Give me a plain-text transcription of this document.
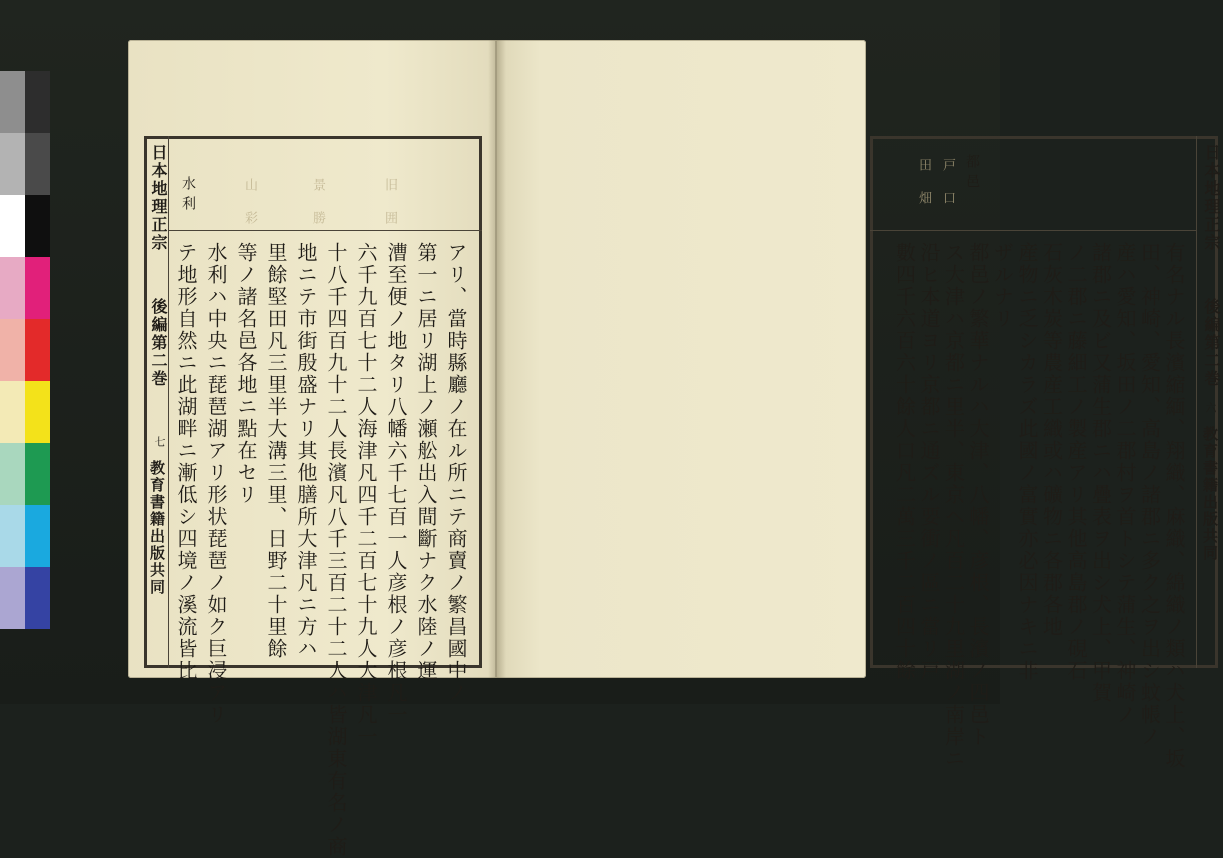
日本地理正宗
後編第二巻
七
教育書籍出版共同
水利	山 彩	景 勝	旧 囲
アリ、當時縣廳ノ在ル所ニテ商賣ノ繁昌國中ノ
第一ニ居リ湖上ノ瀬舩出入間斷ナク水陸ノ運
漕至便ノ地タリ八幡六千七百一人彦根ノ彦根凡一
六千九百七十二人海津凡四千二百七十九人大津凡一
十八千四百九十二人長濱凡八千三百二十二人ハ皆湖東有名ノ商
地ニテ市街殷盛ナリ其他膳所大津凡ニ方ハ
里餘堅田凡三里半大溝三里、日野二十里餘
等ノ諸名邑各地ニ點在セリ
水利ハ中央ニ琵琶湖アリ形状琵琶ノ如ク巨浸アリ
テ地形自然ニ此湖畔ニ漸低シ四境ノ溪流皆比
日本地理正宗
後編第二巻
六
教育書籍出版共同
都邑
戸 口
田 畑
有名ナル長濱縮緬、翔織、麻織、綿織ノ類ハ犬上、坂
田、神崎、愛知、高島ノ諸郡ニ多ク之ヲ出シ蚊帳ノ
産ハ愛知、坂田ノ二郡村ヲ首トシテ蒲生、神崎ノ
諸郡ニ及ビ又蒲生郡ニハ疊表ヲ出シ犬上、甲賀
ノ二郡ニ藤細工ノ製産アリ其他高島郡ノ硯石
石灰木炭等農産工織或ハ礦物ニ各郡各地
産物ニ乏シカラズ此國ノ富實亦必因ナキニ非
ザルナリ
都邑ノ繁華ナルハ大津、八幡、彦根、長濱ノ四邑ト
ス大津ハ京都ニ里半、東京ヘ凡百二十九里湖ノ南岸ニ
沿ヒ本道ヨリ京都ニ通ズル要衝ノ區ニ當リ戸
數四千六百六十餘人口凡二萬三千二百四十餘
